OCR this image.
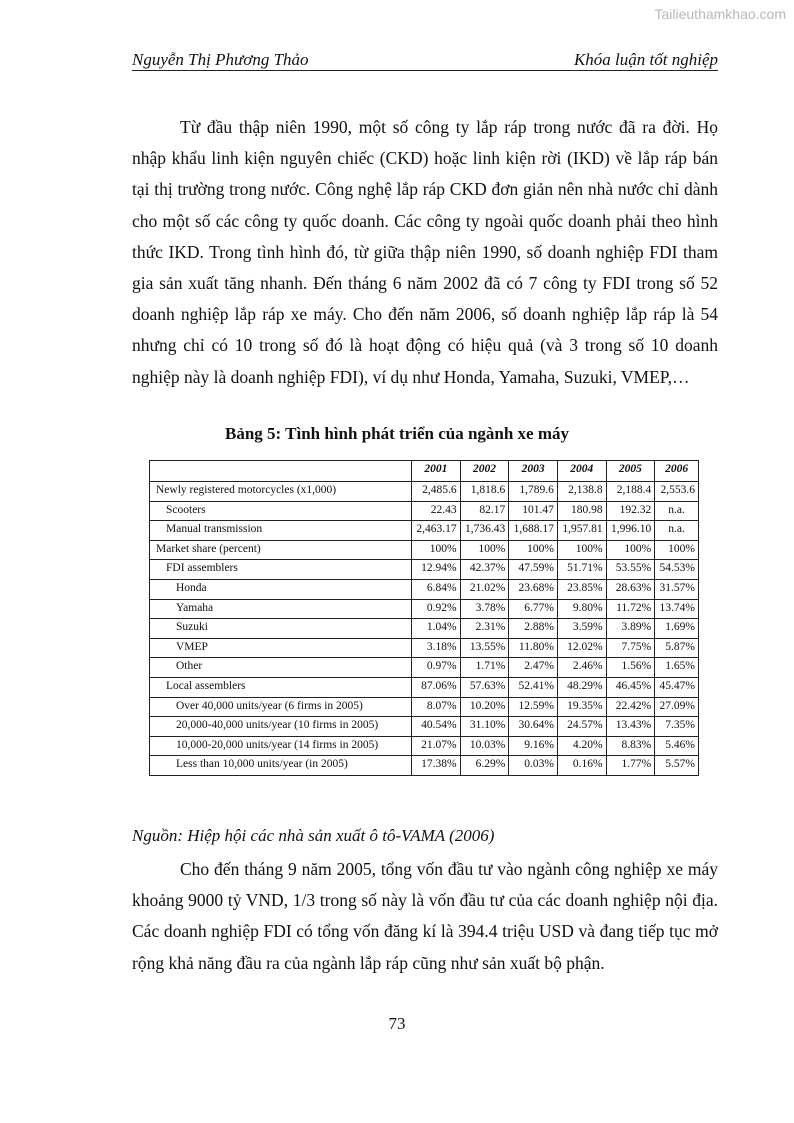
Tailieuthamkhao.com
Nguyễn Thị Phương Thảo	Khóa luận tốt nghiệp

Từ đầu thập niên 1990, một số công ty lắp ráp trong nước đã ra đời. Họ nhập khẩu linh kiện nguyên chiếc (CKD) hoặc linh kiện rời (IKD) về lắp ráp bán tại thị trường trong nước. Công nghệ lắp ráp CKD đơn giản nên nhà nước chỉ dành cho một số các công ty quốc doanh. Các công ty ngoài quốc doanh phải theo hình thức IKD. Trong tình hình đó, từ giữa thập niên 1990, số doanh nghiệp FDI tham gia sản xuất tăng nhanh. Đến tháng 6 năm 2002 đã có 7 công ty FDI trong số 52 doanh nghiệp lắp ráp xe máy. Cho đến năm 2006, số doanh nghiệp lắp ráp là 54 nhưng chỉ có 10 trong số đó là hoạt động có hiệu quả (và 3 trong số 10 doanh nghiệp này là doanh nghiệp FDI), ví dụ như Honda, Yamaha, Suzuki, VMEP,…

Bảng 5: Tình hình phát triển của ngành xe máy
	2001	2002	2003	2004	2005	2006
Newly registered motorcycles (x1,000)	2,485.6	1,818.6	1,789.6	2,138.8	2,188.4	2,553.6
Scooters	22.43	82.17	101.47	180.98	192.32	n.a.
Manual transmission	2,463.17	1,736.43	1,688.17	1,957.81	1,996.10	n.a.
Market share (percent)	100%	100%	100%	100%	100%	100%
FDI assemblers	12.94%	42.37%	47.59%	51.71%	53.55%	54.53%
Honda	6.84%	21.02%	23.68%	23.85%	28.63%	31.57%
Yamaha	0.92%	3.78%	6.77%	9.80%	11.72%	13.74%
Suzuki	1.04%	2.31%	2.88%	3.59%	3.89%	1.69%
VMEP	3.18%	13.55%	11.80%	12.02%	7.75%	5.87%
Other	0.97%	1.71%	2.47%	2.46%	1.56%	1.65%
Local assemblers	87.06%	57.63%	52.41%	48.29%	46.45%	45.47%
Over 40,000 units/year (6 firms in 2005)	8.07%	10.20%	12.59%	19.35%	22.42%	27.09%
20,000-40,000 units/year (10 firms in 2005)	40.54%	31.10%	30.64%	24.57%	13.43%	7.35%
10,000-20,000 units/year (14 firms in 2005)	21.07%	10.03%	9.16%	4.20%	8.83%	5.46%
Less than 10,000 units/year (in 2005)	17.38%	6.29%	0.03%	0.16%	1.77%	5.57%
Nguồn: Hiệp hội các nhà sản xuất ô tô-VAMA (2006)

Cho đến tháng 9 năm 2005, tổng vốn đầu tư vào ngành công nghiệp xe máy khoảng 9000 tỷ VND, 1/3 trong số này là vốn đầu tư của các doanh nghiệp nội địa. Các doanh nghiệp FDI có tổng vốn đăng kí là 394.4 triệu USD và đang tiếp tục mở rộng khả năng đầu ra của ngành lắp ráp cũng như sản xuất bộ phận.

73
